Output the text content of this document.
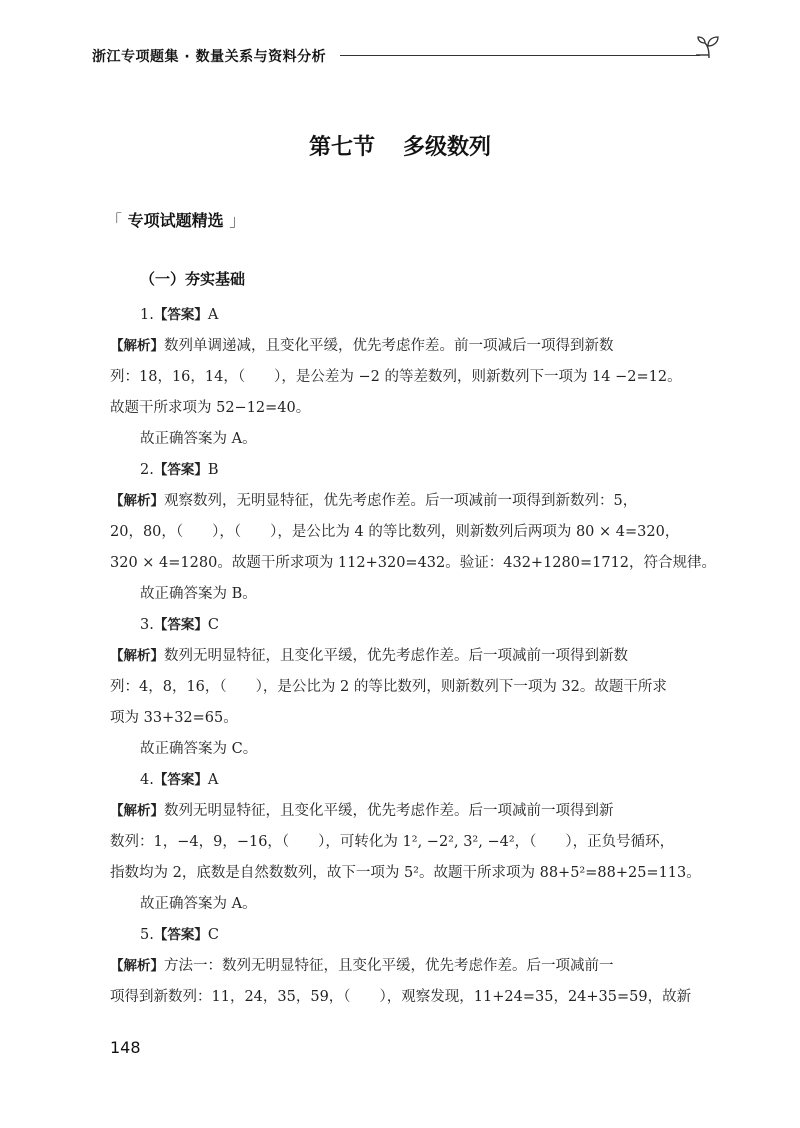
浙江专项题集 · 数量关系与资料分析
第七节 多级数列
「 专项试题精选 」
（一）夯实基础
1.【答案】A
【解析】数列单调递减，且变化平缓，优先考虑作差。前一项减后一项得到新数
列：18，16，14，（　　），是公差为 −2 的等差数列，则新数列下一项为 14 −2=12。
故题干所求项为 52−12=40。
故正确答案为 A。
2.【答案】B
【解析】观察数列，无明显特征，优先考虑作差。后一项减前一项得到新数列：5，
20，80，（　　），（　　），是公比为 4 的等比数列，则新数列后两项为 80 × 4=320，
320 × 4=1280。故题干所求项为 112+320=432。验证：432+1280=1712，符合规律。
故正确答案为 B。
3.【答案】C
【解析】数列无明显特征，且变化平缓，优先考虑作差。后一项减前一项得到新数
列：4，8，16，（　　），是公比为 2 的等比数列，则新数列下一项为 32。故题干所求
项为 33+32=65。
故正确答案为 C。
4.【答案】A
【解析】数列无明显特征，且变化平缓，优先考虑作差。后一项减前一项得到新
数列：1，−4，9，−16，（　　），可转化为 1², −2², 3², −4²，（　　），正负号循环，
指数均为 2，底数是自然数数列，故下一项为 5²。故题干所求项为 88+5²=88+25=113。
故正确答案为 A。
5.【答案】C
【解析】方法一：数列无明显特征，且变化平缓，优先考虑作差。后一项减前一
项得到新数列：11，24，35，59，（　　），观察发现，11+24=35，24+35=59，故新
148
